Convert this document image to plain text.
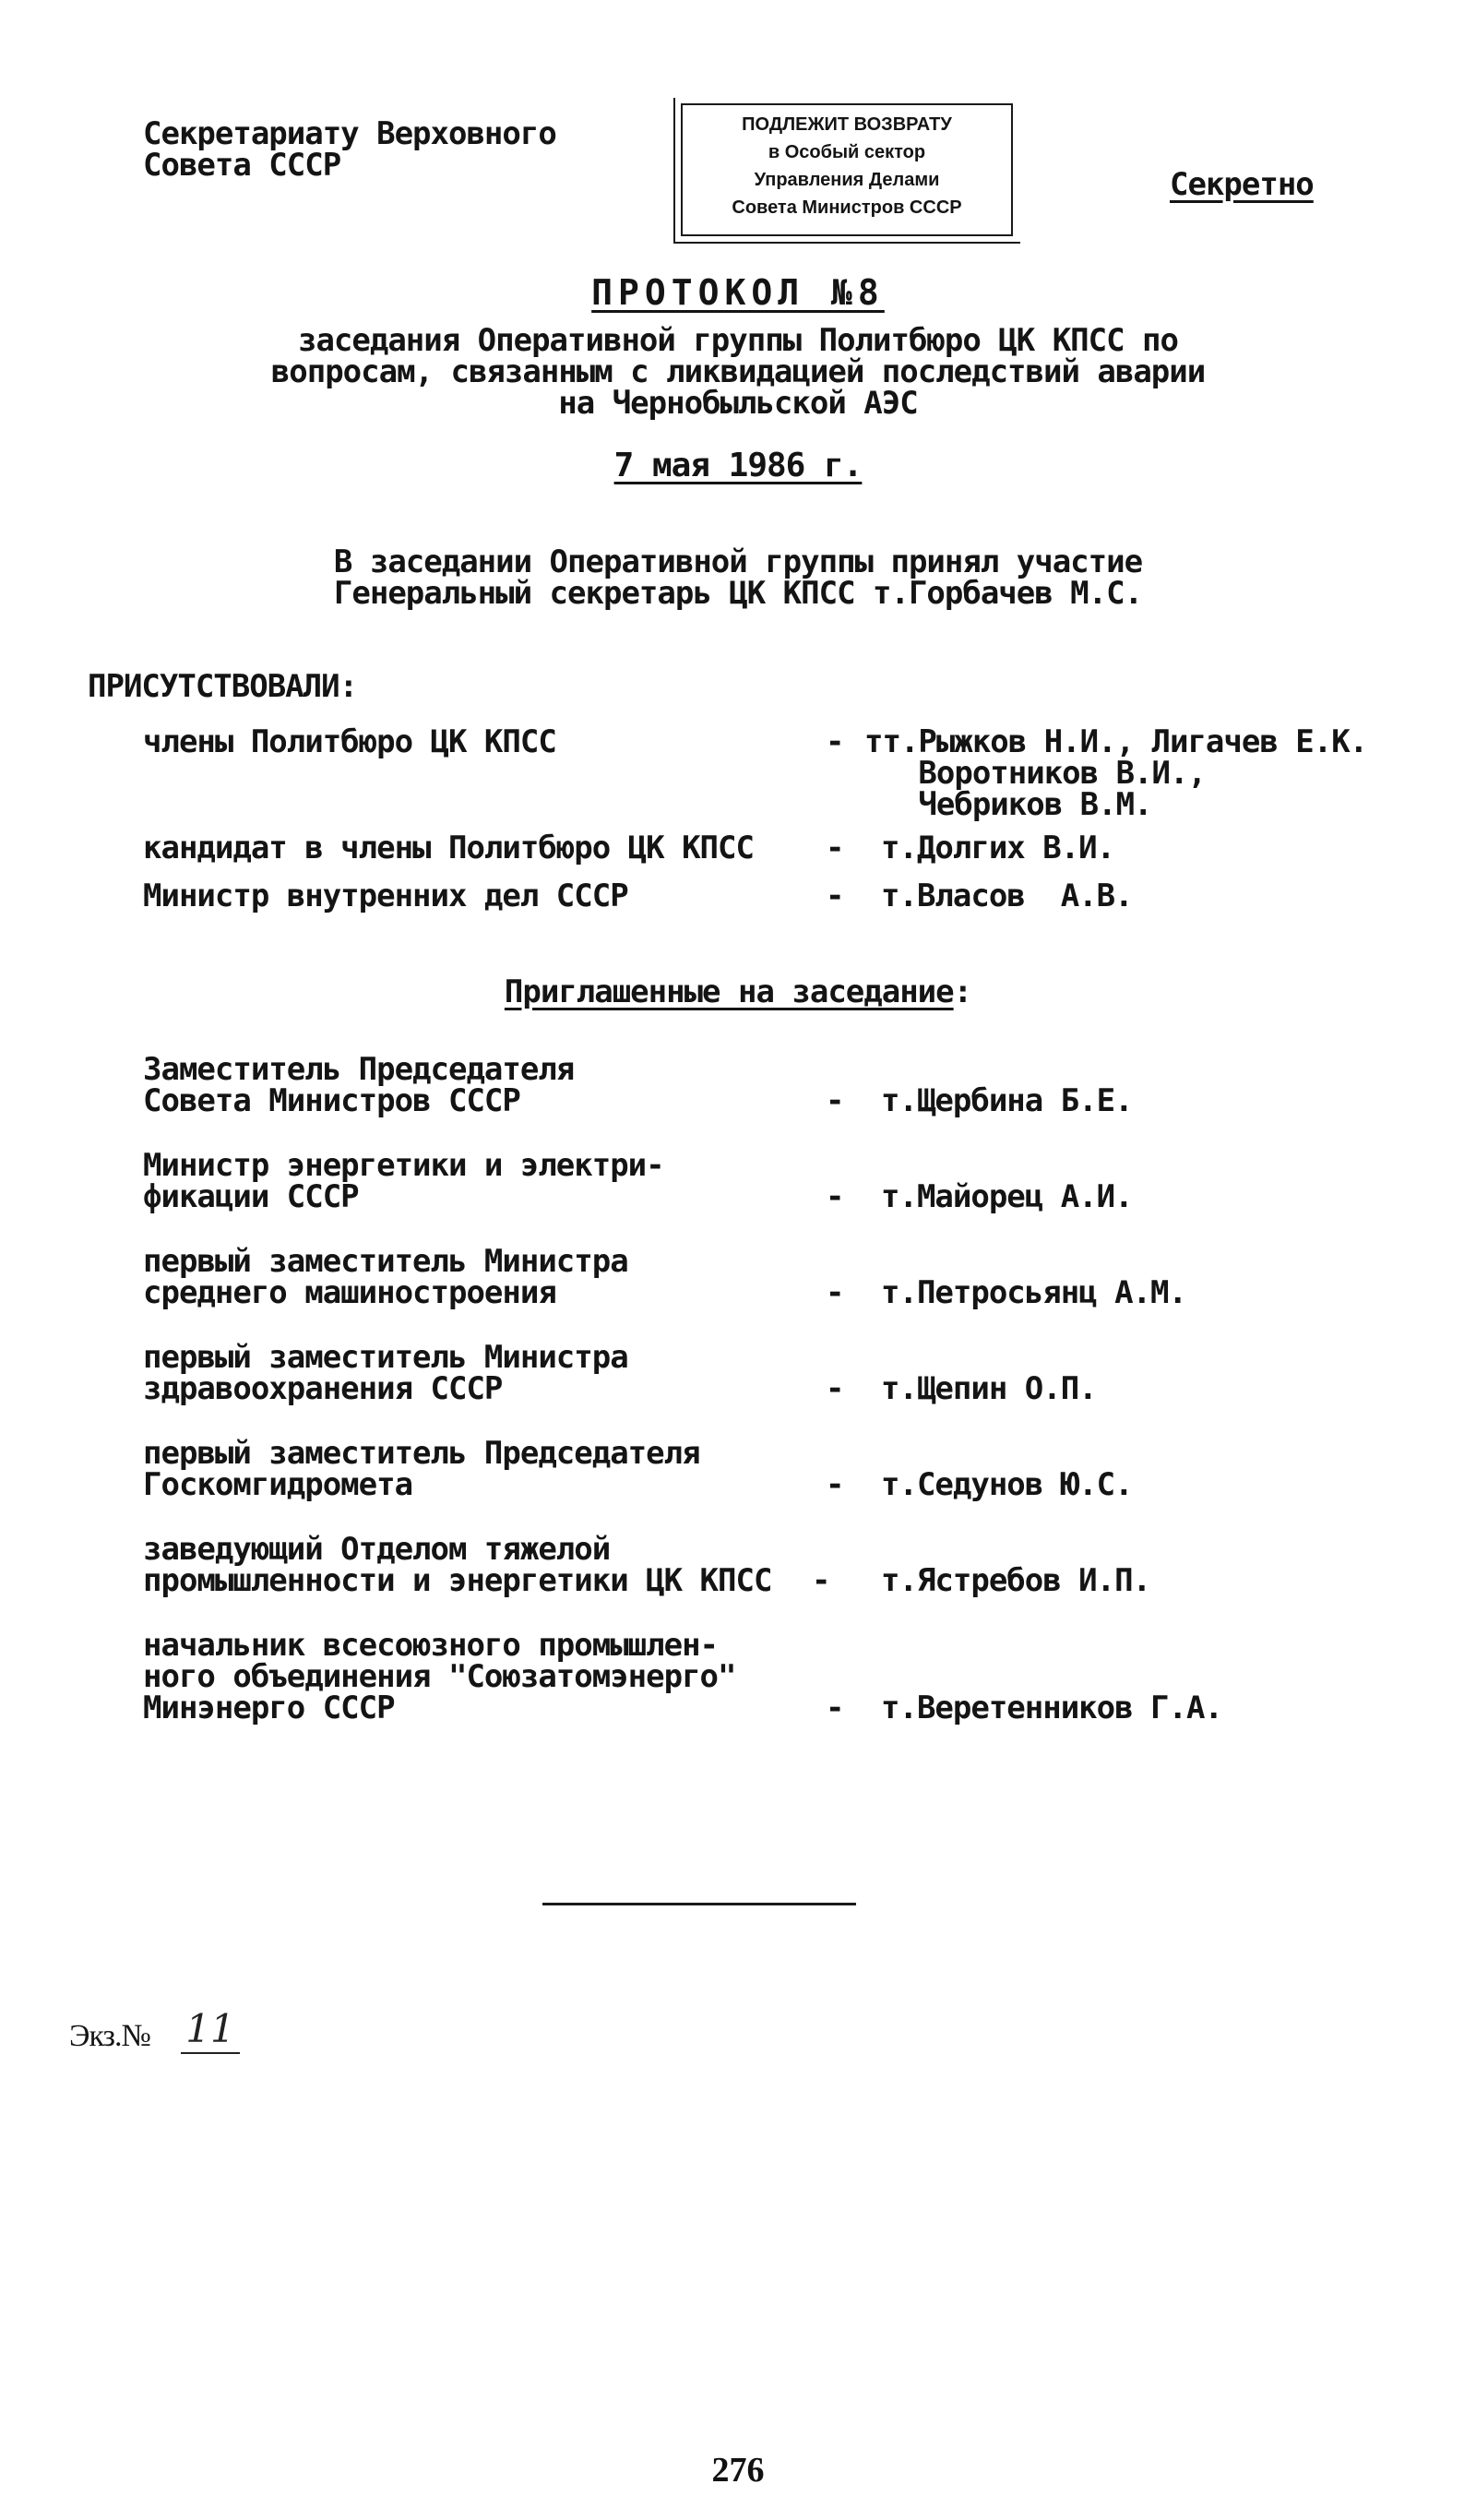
Секретариату Верховного
Совета СССР
ПОДЛЕЖИТ ВОЗВРАТУ
в Особый сектор
Управления Делами
Совета Министров СССР
Секретно
ПРОТОКОЛ №8
заседания Оперативной группы Политбюро ЦК КПСС по
вопросам, связанным с ликвидацией последствий аварии
на Чернобыльской АЭС
7 мая 1986 г.
В заседании Оперативной группы принял участие
Генеральный секретарь ЦК КПСС т.Горбачев М.С.
ПРИСУТСТВОВАЛИ:
члены Политбюро ЦК КПСС	- тт.Рыжков Н.И., Лигачев Е.К.
Воротников В.И.,
Чебриков В.М.
кандидат в члены Политбюро ЦК КПСС - т.Долгих В.И.
Министр внутренних дел СССР	- т.Власов  А.В.
Приглашенные на заседание:
Заместитель Председателя
Совета Министров СССР	- т.Щербина Б.Е.
Министр энергетики и электри-
фикации СССР	- т.Майорец А.И.
первый заместитель Министра
среднего машиностроения	- т.Петросьянц А.М.
первый заместитель Министра
здравоохранения СССР	- т.Щепин О.П.
первый заместитель Председателя
Госкомгидромета	- т.Седунов Ю.С.
заведующий Отделом тяжелой
промышленности и энергетики ЦК КПСС - т.Ястребов И.П.
начальник всесоюзного промышлен-
ного объединения "Союзатомэнерго"
Минэнерго СССР	- т.Веретенников Г.А.
Экз.№ 11
276
